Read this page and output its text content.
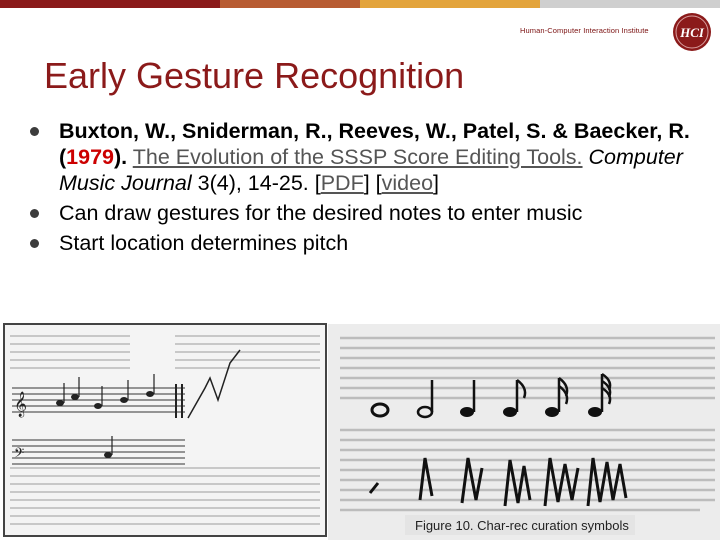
Human-Computer Interaction Institute HCI
Early Gesture Recognition
Buxton, W., Sniderman, R., Reeves, W., Patel, S. & Baecker, R. (1979). The Evolution of the SSSP Score Editing Tools. Computer Music Journal 3(4), 14-25. [PDF] [video]
Can draw gestures for the desired notes to enter music
Start location determines pitch
𝄞
𝄢
Figure 10. Char-rec curation symbols
